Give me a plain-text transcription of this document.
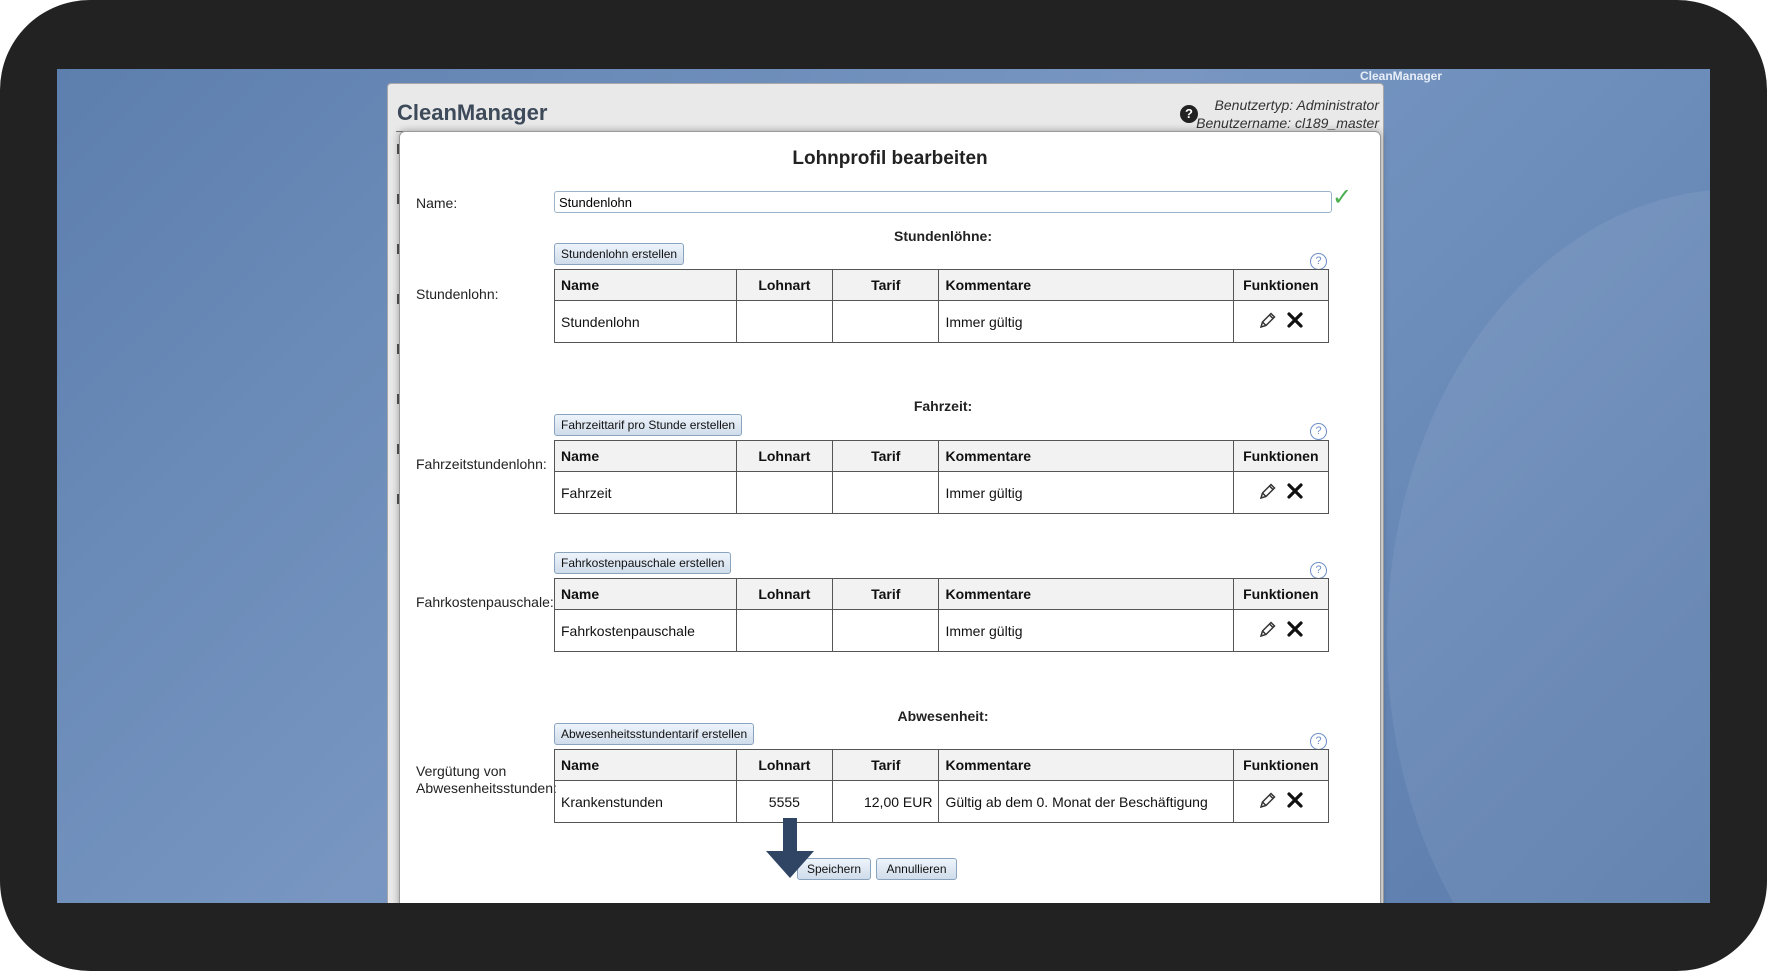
CleanManager
CleanManager	?
Benutzertyp: Administrator
Benutzername: cl189_master
Lohnprofil bearbeiten
Name:
Stundenlohn	✓
Stundenlöhne:
Stundenlohn erstellen	?
Stundenlohn:
Name	Lohnart	Tarif	Kommentare	Funktionen
Stundenlohn			Immer gültig	
Fahrzeit:
Fahrzeittarif pro Stunde erstellen	?
Fahrzeitstundenlohn: Name	Lohnart	Tarif	Kommentare	Funktionen
Fahrzeit			Immer gültig	
Fahrkostenpauschale erstellen	?
Fahrkostenpauschale: Name	Lohnart	Tarif	Kommentare	Funktionen
Fahrkostenpauschale			Immer gültig	
Abwesenheit:
Abwesenheitsstundentarif erstellen	?
Vergütung von
Abwesenheitsstunden:
Name	Lohnart	Tarif	Kommentare	Funktionen
Krankenstunden	5555	12,00 EUR	Gültig ab dem 0. Monat der Beschäftigung	
Speichern	Annullieren
